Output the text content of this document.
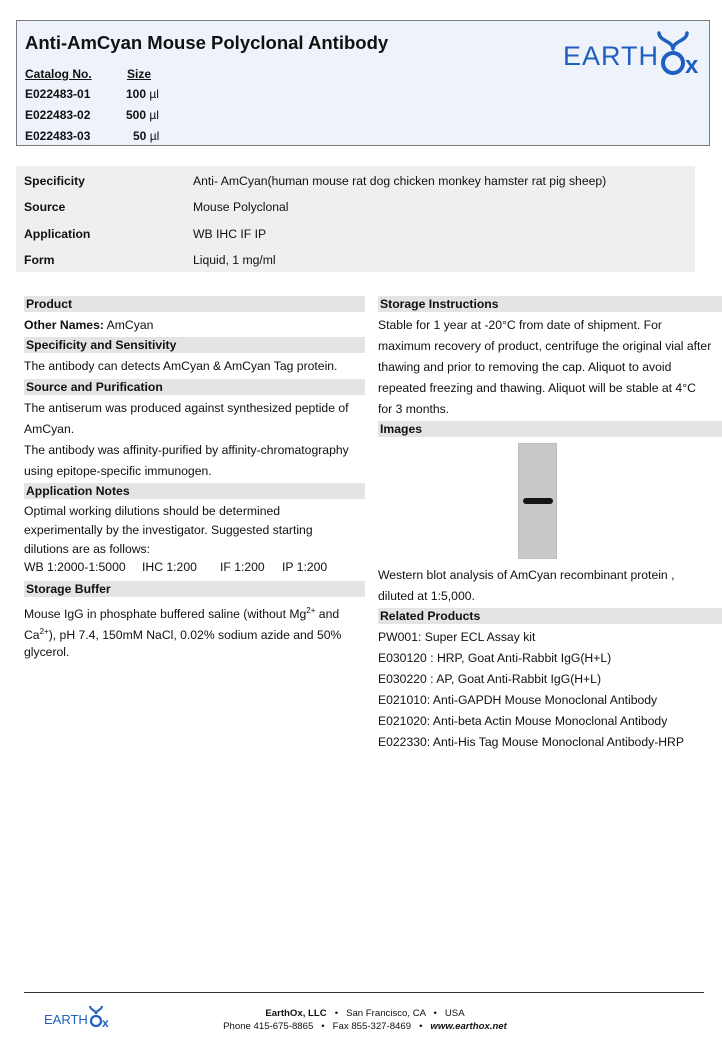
Anti-AmCyan Mouse Polyclonal Antibody
Catalog No.	Size
E022483-01	100 µl
E022483-02	500 µl
E022483-03	50 µl
EARTH x
Specificity	Anti- AmCyan(human mouse rat dog chicken monkey hamster rat pig sheep)
Source	Mouse Polyclonal
Application	WB IHC IF IP
Form	Liquid, 1 mg/ml
Product
Other Names: AmCyan
Specificity and Sensitivity
The antibody can detects AmCyan & AmCyan Tag protein.
Source and Purification
The antiserum was produced against synthesized peptide of
AmCyan.
The antibody was affinity-purified by affinity-chromatography
using epitope-specific immunogen.
Application Notes
Optimal working dilutions should be determined
experimentally by the investigator. Suggested starting
dilutions are as follows:
WB 1:2000-1:5000 IHC 1:200 IF 1:200 IP 1:200
Storage Buffer
Mouse IgG in phosphate buffered saline (without $Mg^{2+}$ and
$Ca^{2+}$), pH 7.4, 150mM NaCl, 0.02% sodium azide and 50%
glycerol.
Storage Instructions
Stable for 1 year at -20°C from date of shipment. For
maximum recovery of product, centrifuge the original vial after
thawing and prior to removing the cap. Aliquot to avoid
repeated freezing and thawing. Aliquot will be stable at 4°C
for 3 months.
Images
Western blot analysis of AmCyan recombinant protein ,
diluted at 1:5,000.
Related Products
PW001: Super ECL Assay kit
E030120 : HRP, Goat Anti-Rabbit IgG(H+L)
E030220 : AP, Goat Anti-Rabbit IgG(H+L)
E021010: Anti-GAPDH Mouse Monoclonal Antibody
E021020: Anti-beta Actin Mouse Monoclonal Antibody
E022330: Anti-His Tag Mouse Monoclonal Antibody-HRP
EARTH x
EarthOx, LLC • San Francisco, CA • USA
Phone 415-675-8865 • Fax 855-327-8469 • www.earthox.net
